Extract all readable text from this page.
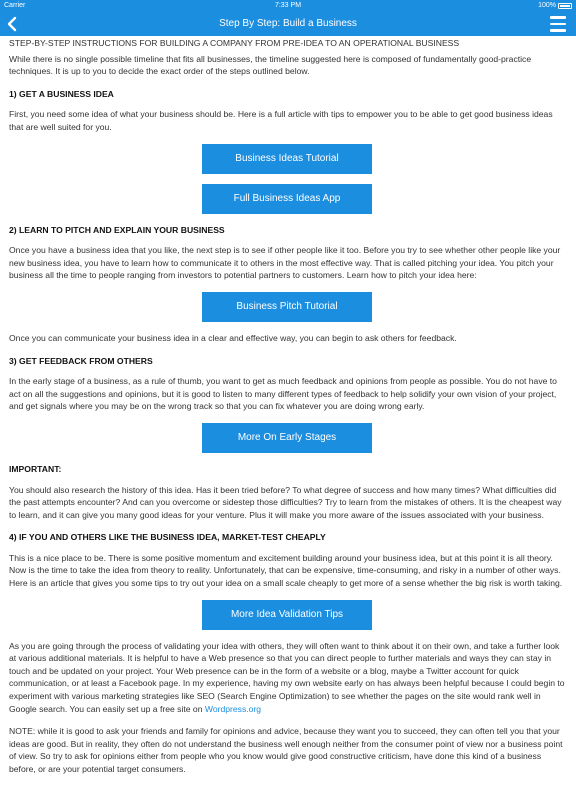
Carrier	7:33 PM	100%
Step By Step: Build a Business

STEP-BY-STEP INSTRUCTIONS FOR BUILDING A COMPANY FROM PRE-IDEA TO AN OPERATIONAL BUSINESS

While there is no single possible timeline that fits all businesses, the timeline suggested here is composed of fundamentally good-practice techniques. It is up to you to decide the exact order of the steps outlined below.

1) GET A BUSINESS IDEA

First, you need some idea of what your business should be. Here is a full article with tips to empower you to be able to get good business ideas that are well suited for you.

Business Ideas Tutorial
Full Business Ideas App
2) LEARN TO PITCH AND EXPLAIN YOUR BUSINESS

Once you have a business idea that you like, the next step is to see if other people like it too. Before you try to see whether other people like your new business idea, you have to learn how to communicate it to others in the most effective way. That is called pitching your idea. You pitch your business all the time to people ranging from investors to potential partners to customers. Learn how to pitch your idea here:

Business Pitch Tutorial

Once you can communicate your business idea in a clear and effective way, you can begin to ask others for feedback.

3) GET FEEDBACK FROM OTHERS

In the early stage of a business, as a rule of thumb, you want to get as much feedback and opinions from people as possible. You do not have to act on all the suggestions and opinions, but it is good to listen to many different types of feedback to help solidify your own vision of your project, and get signals where you may be on the wrong track so that you can fix whatever you are doing wrong early.

More On Early Stages
IMPORTANT:

You should also research the history of this idea. Has it been tried before? To what degree of success and how many times? What difficulties did the past attempts encounter? And can you overcome or sidestep those difficulties? Try to learn from the mistakes of others. It is the cheapest way to learn, and it can give you many good ideas for your venture. Plus it will make you more aware of the issues associated with your business.

4) IF YOU AND OTHERS LIKE THE BUSINESS IDEA, MARKET-TEST CHEAPLY

This is a nice place to be. There is some positive momentum and excitement building around your business idea, but at this point it is all theory. Now is the time to take the idea from theory to reality. Unfortunately, that can be expensive, time-consuming, and risky in a number of other ways. Here is an article that gives you some tips to try out your idea on a small scale cheaply to get more of a sense whether the big risk is worth taking.

More Idea Validation Tips

As you are going through the process of validating your idea with others, they will often want to think about it on their own, and take a further look at various additional materials. It is helpful to have a Web presence so that you can direct people to further materials and ways they can stay in touch and be updated on your project. Your Web presence can be in the form of a website or a blog, maybe a Twitter account for quick communication, or at least a Facebook page. In my experience, having my own website early on has always been helpful because I could begin to experiment with various marketing strategies like SEO (Search Engine Optimization) to see whether the pages on the site would rank well in Google search. You can easily set up a free site on Wordpress.org

NOTE: while it is good to ask your friends and family for opinions and advice, because they want you to succeed, they can often tell you that your ideas are good. But in reality, they often do not understand the business well enough neither from the consumer point of view nor a business point of view. So try to ask for opinions either from people who you know would give good constructive criticism, have done this kind of a business before, or are your potential target consumers.
